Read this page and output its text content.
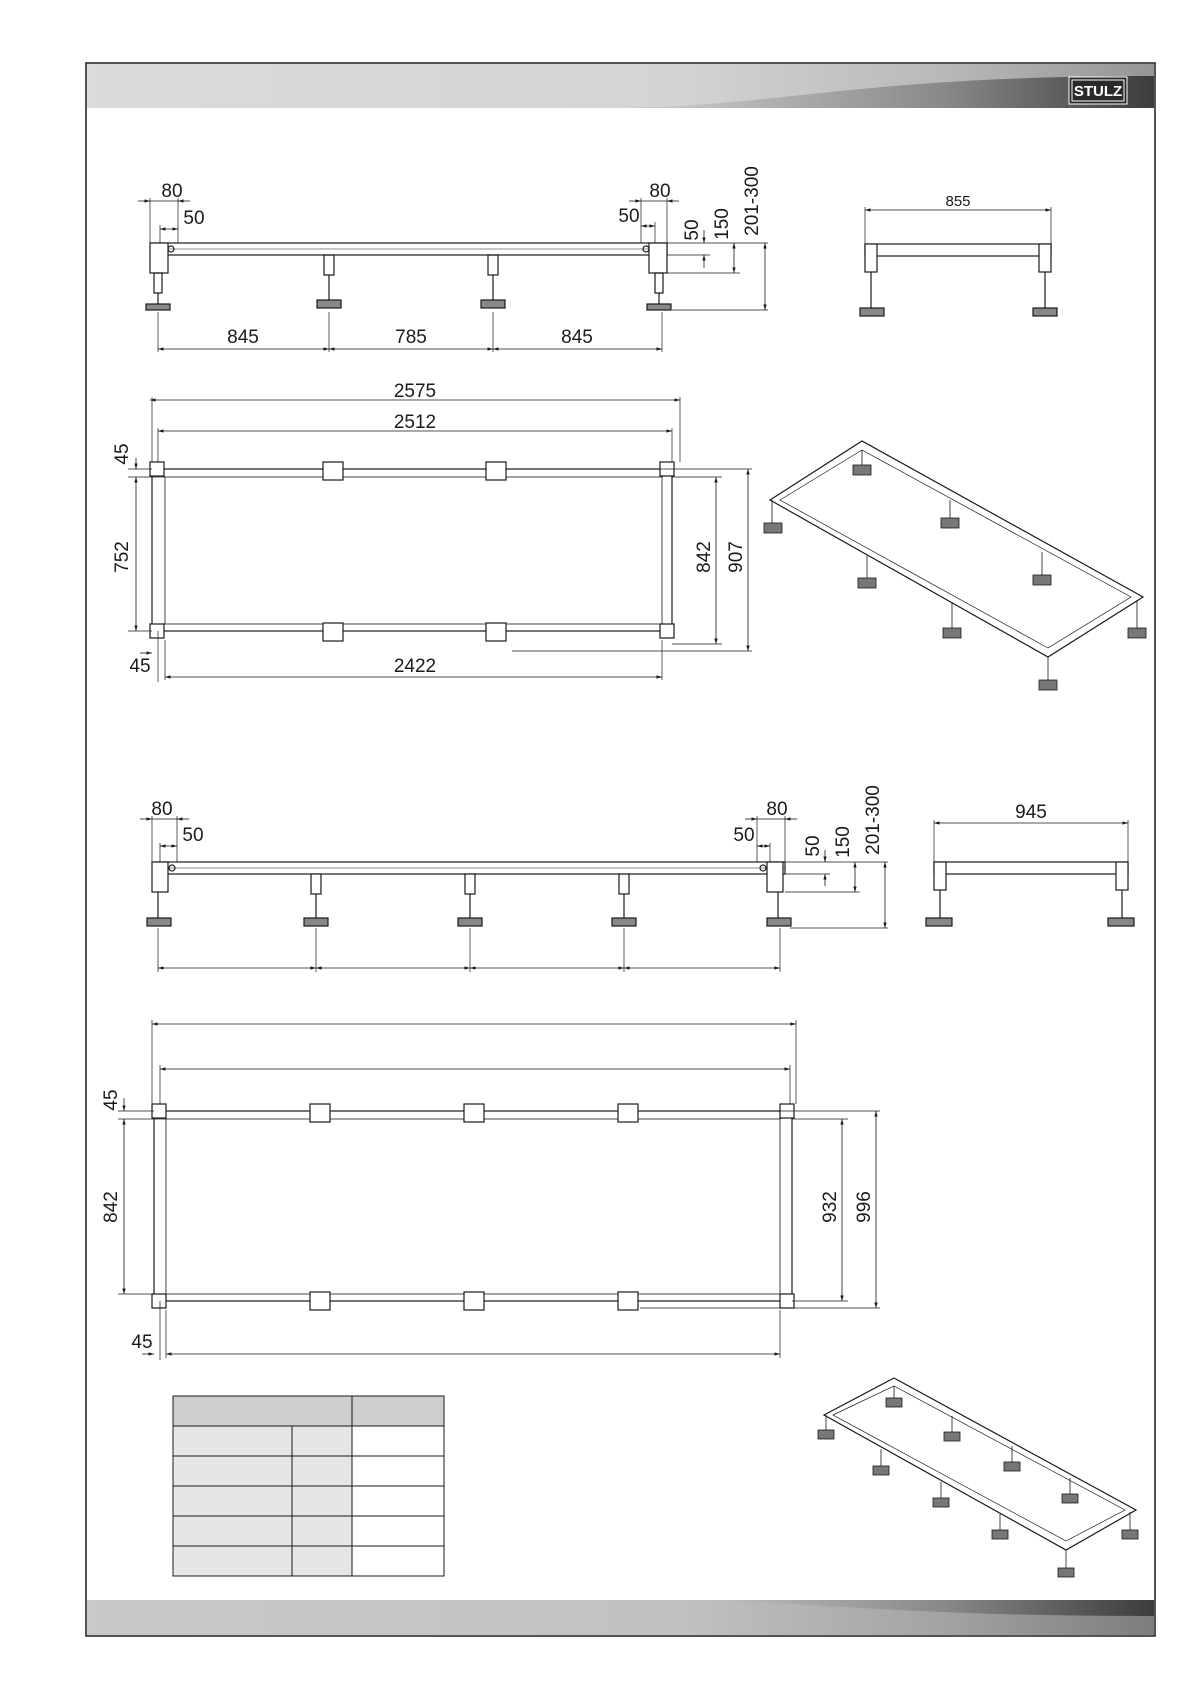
STULZ
80
50
80
50
50 150 201-300
845	785	845
855
2575
2512
2422
45
45
752	842 907
80
50
80
50	50 150 201-300	945
45
45
842	932 996
